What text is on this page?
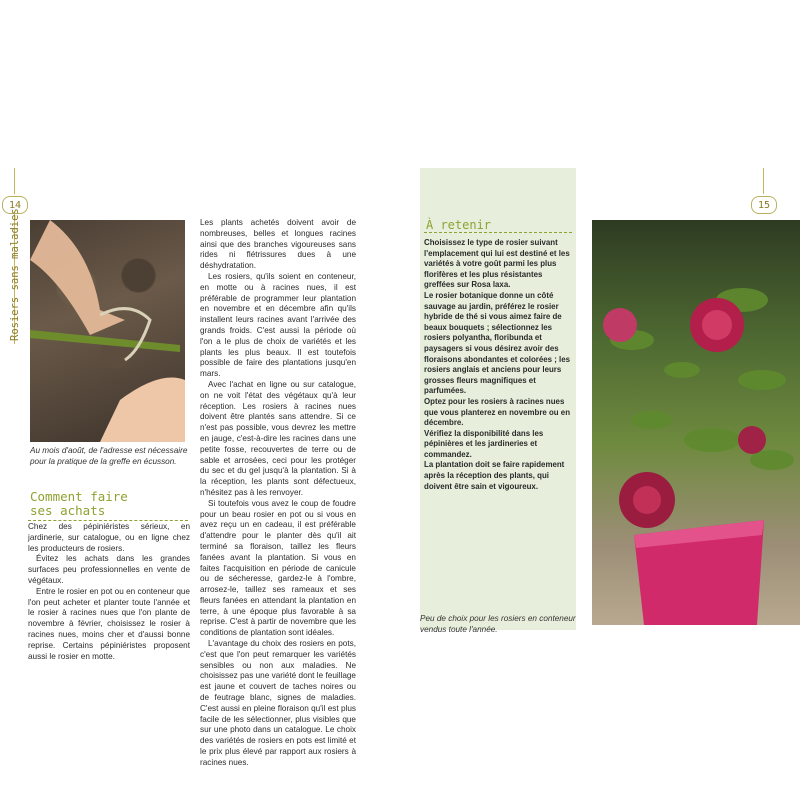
14
Rosiers sans maladies
Au mois d'août, de l'adresse est nécessaire pour la pratique de la greffe en écusson.
Comment faire
ses achats

Chez des pépiniéristes sérieux, en jardinerie, sur catalogue, ou en ligne chez les producteurs de rosiers.

Évitez les achats dans les grandes surfaces peu professionnelles en vente de végétaux.

Entre le rosier en pot ou en conteneur que l'on peut acheter et planter toute l'année et le rosier à racines nues que l'on plante de novembre à février, choisissez le rosier à racines nues, moins cher et d'aussi bonne reprise. Certains pépiniéristes proposent aussi le rosier en motte.

Les plants achetés doivent avoir de nombreuses, belles et longues racines ainsi que des branches vigoureuses sans rides ni flétrissures dues à une déshydratation.

Les rosiers, qu'ils soient en conteneur, en motte ou à racines nues, il est préférable de programmer leur plantation en novembre et en décembre afin qu'ils installent leurs racines avant l'arrivée des grands froids. C'est aussi la période où l'on a le plus de choix de variétés et les plants les plus beaux. Il est toutefois possible de faire des plantations jusqu'en mars.

Avec l'achat en ligne ou sur catalogue, on ne voit l'état des végétaux qu'à leur réception. Les rosiers à racines nues doivent être plantés sans attendre. Si ce n'est pas possible, vous devrez les mettre en jauge, c'est-à-dire les racines dans une petite fosse, recouvertes de terre ou de sable et arrosées, ceci pour les protéger du sec et du gel jusqu'à la plantation. Si à la réception, les plants sont défectueux, n'hésitez pas à les renvoyer.

Si toutefois vous avez le coup de foudre pour un beau rosier en pot ou si vous en avez reçu un en cadeau, il est préférable d'attendre pour le planter dès qu'il ait terminé sa floraison, taillez les fleurs fanées avant la plantation. Si vous en faites l'acquisition en période de canicule ou de sécheresse, gardez-le à l'ombre, arrosez-le, taillez ses rameaux et ses fleurs fanées en attendant la plantation en terre, à une époque plus favorable à sa reprise. C'est à partir de novembre que les conditions de plantation sont idéales.

L'avantage du choix des rosiers en pots, c'est que l'on peut remarquer les variétés sensibles ou non aux maladies. Ne choisissez pas une variété dont le feuillage est jaune et couvert de taches noires ou de feutrage blanc, signes de maladies. C'est aussi en pleine floraison qu'il est plus facile de les sélectionner, plus visibles que sur une photo dans un catalogue. Le choix des variétés de rosiers en pots est limité et le prix plus élevé par rapport aux rosiers à racines nues.

À retenir

Choisissez le type de rosier suivant l'emplacement qui lui est destiné et les variétés à votre goût parmi les plus florifères et les plus résistantes greffées sur Rosa laxa.

Le rosier botanique donne un côté sauvage au jardin, préférez le rosier hybride de thé si vous aimez faire de beaux bouquets ; sélectionnez les rosiers polyantha, floribunda et paysagers si vous désirez avoir des floraisons abondantes et colorées ; les rosiers anglais et anciens pour leurs grosses fleurs magnifiques et parfumées.

Optez pour les rosiers à racines nues que vous planterez en novembre ou en décembre.

Vérifiez la disponibilité dans les pépinières et les jardineries et commandez.

La plantation doit se faire rapidement après la réception des plants, qui doivent être sain et vigoureux.

Peu de choix pour les rosiers en conteneur vendus toute l'année.
15
